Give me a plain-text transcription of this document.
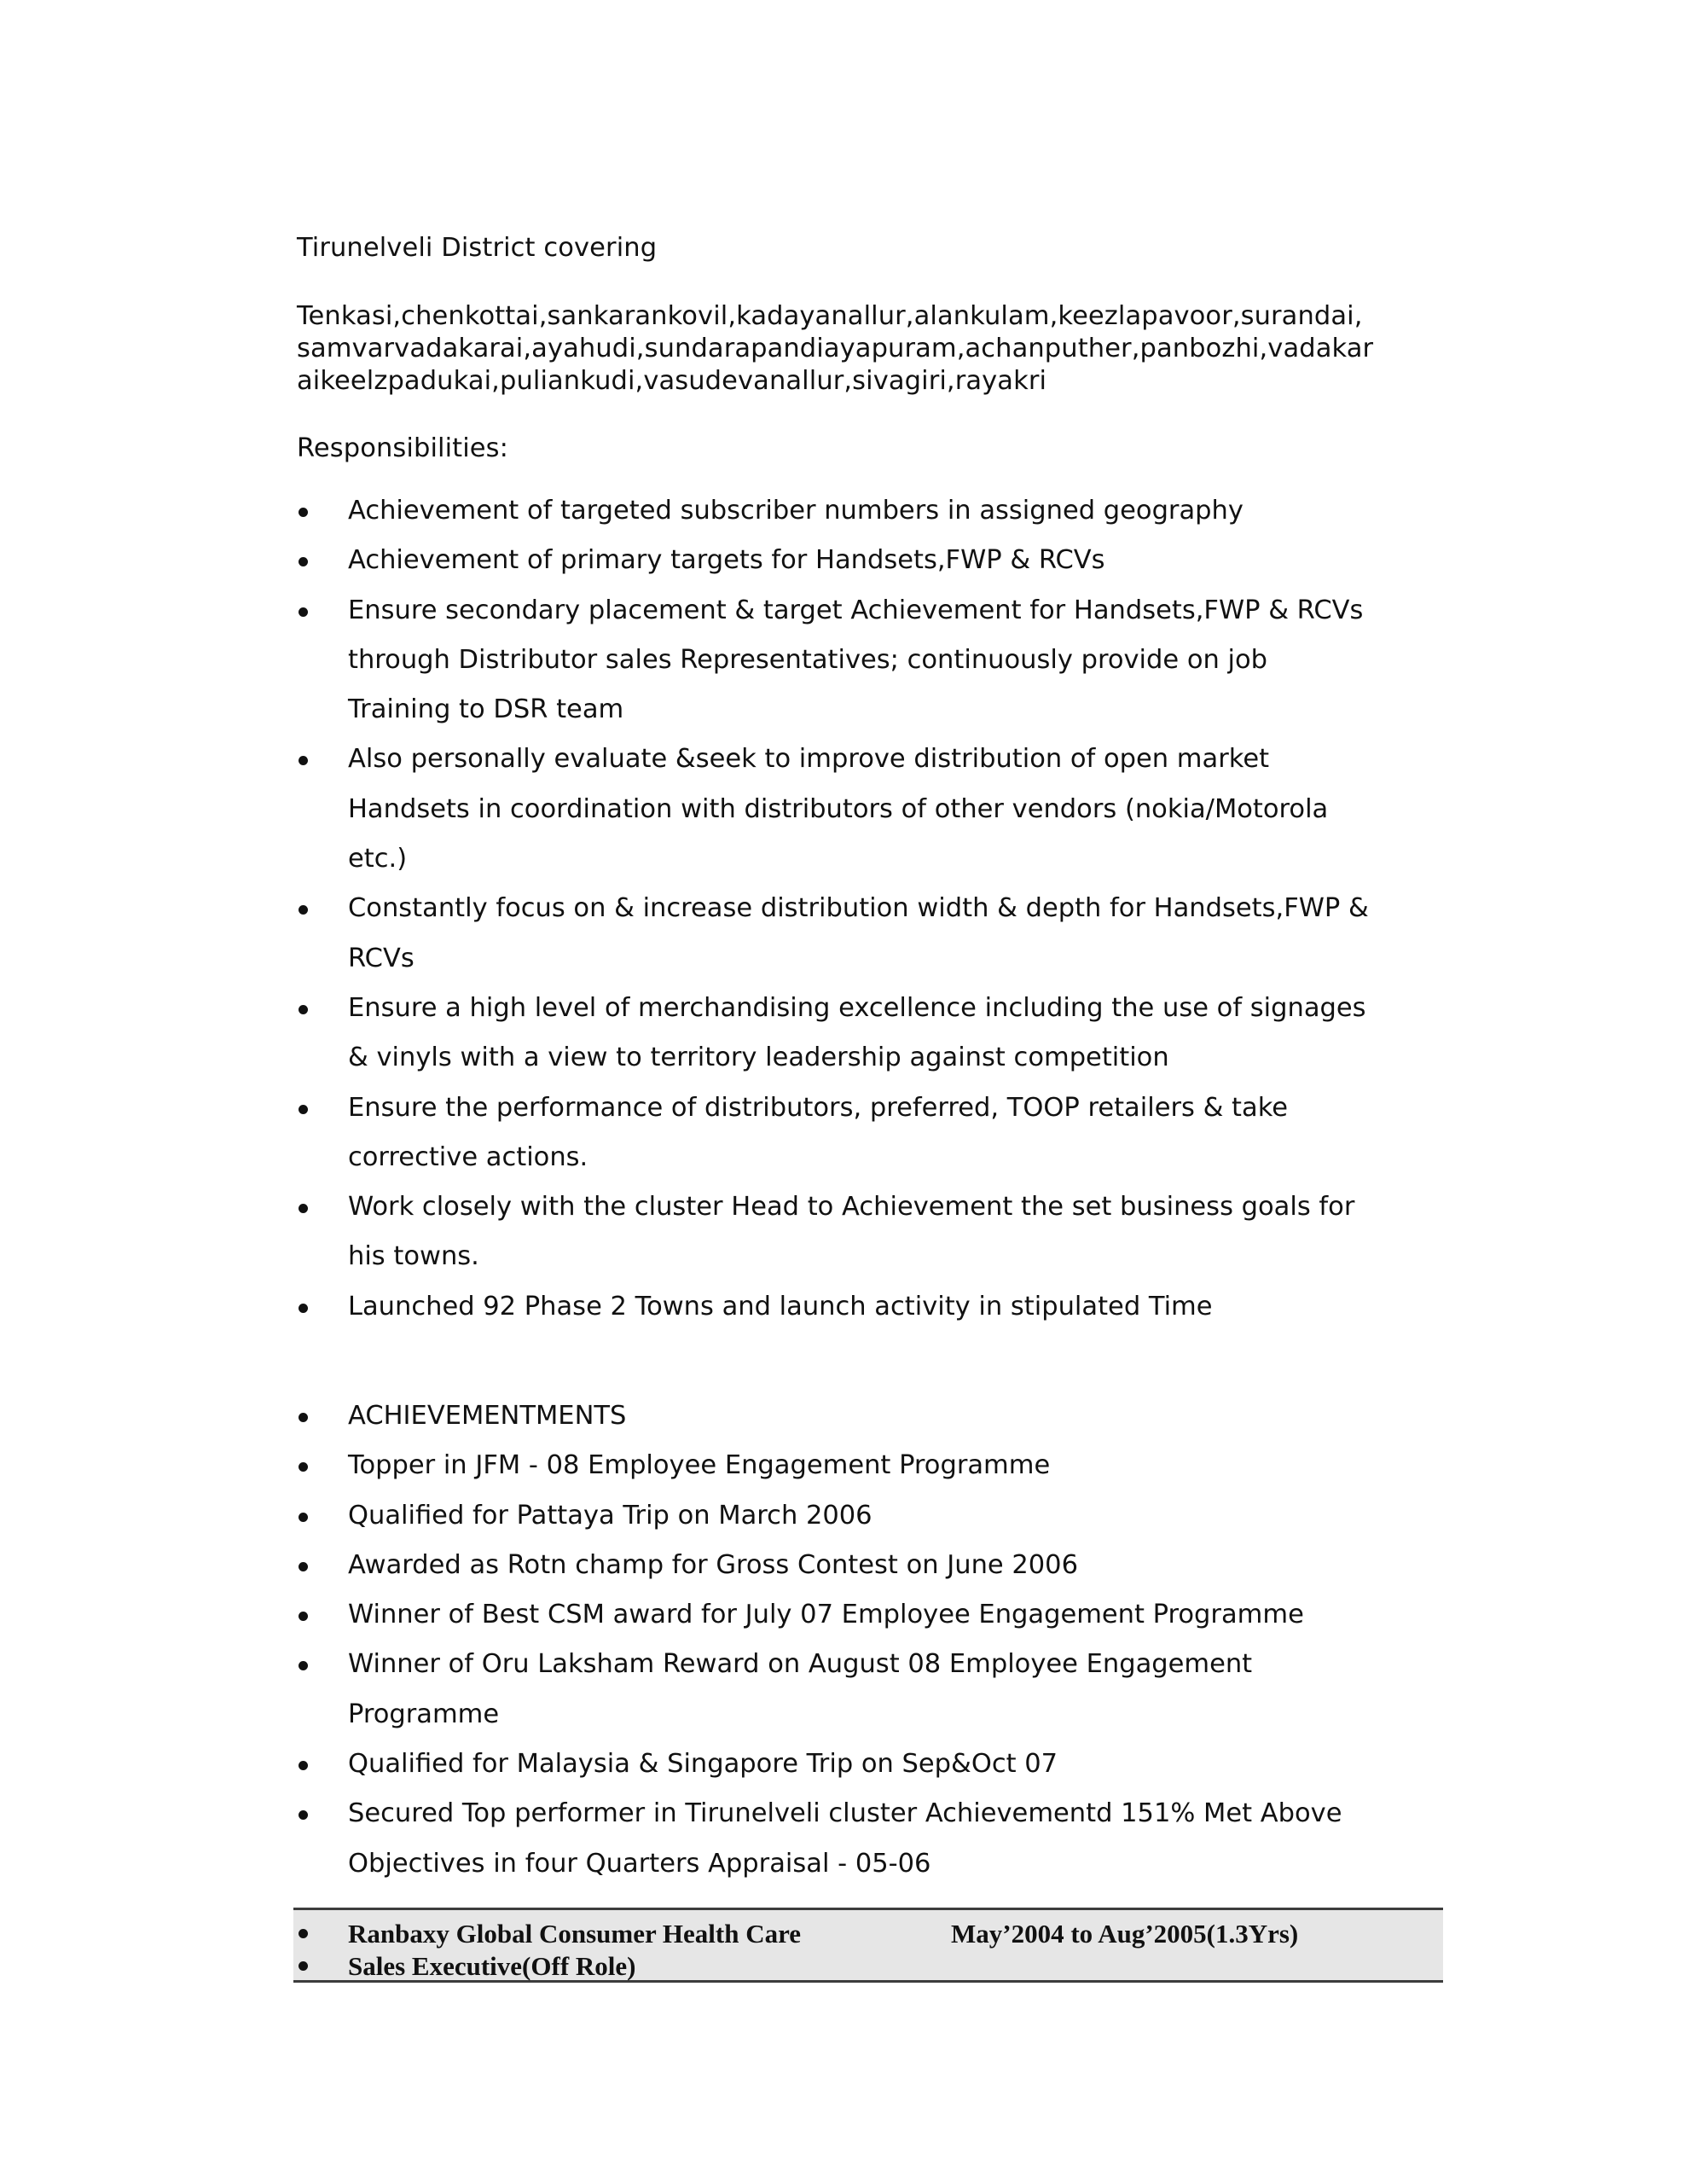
Tirunelveli District covering
Tenkasi,chenkottai,sankarankovil,kadayanallur,alankulam,keezlapavoor,surandai,
samvarvadakarai,ayahudi,sundarapandiayapuram,achanputher,panbozhi,vadakar
aikeelzpadukai,puliankudi,vasudevanallur,sivagiri,rayakri
Responsibilities:
Achievement of targeted subscriber numbers in assigned geography
Achievement of primary targets for Handsets,FWP & RCVs
Ensure secondary placement & target Achievement for Handsets,FWP & RCVs
through Distributor sales Representatives; continuously provide on job
Training to DSR team
Also personally evaluate &seek to improve distribution of open market
Handsets in coordination with distributors of other vendors (nokia/Motorola
etc.)
Constantly focus on & increase distribution width & depth for Handsets,FWP &
RCVs
Ensure a high level of merchandising excellence including the use of signages
& vinyls with a view to territory leadership against competition
Ensure the performance of distributors, preferred, TOOP retailers & take
corrective actions.
Work closely with the cluster Head to Achievement the set business goals for
his towns.
Launched 92 Phase 2 Towns and launch activity in stipulated Time
ACHIEVEMENTMENTS
Topper in JFM - 08 Employee Engagement Programme
Qualified for Pattaya Trip on March 2006
Awarded as Rotn champ for Gross Contest on June 2006
Winner of Best CSM award for July 07 Employee Engagement Programme
Winner of Oru Laksham Reward on August 08 Employee Engagement
Programme
Qualified for Malaysia & Singapore Trip on Sep&Oct 07
Secured Top performer in Tirunelveli cluster Achievementd 151% Met Above
Objectives in four Quarters Appraisal - 05-06
Ranbaxy Global Consumer Health Care	May’2004 to Aug’2005(1.3Yrs)
Sales Executive(Off Role)
